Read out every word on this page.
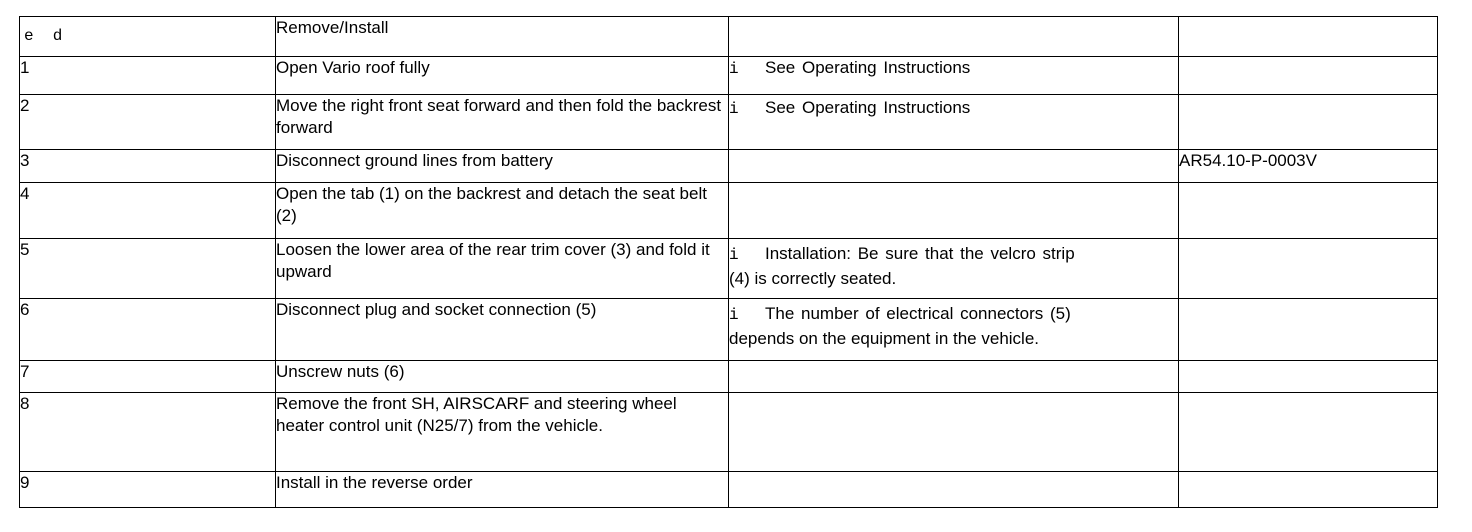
e  d	Remove/Install		
1	Open Vario roof fully	i See Operating Instructions	
2	Move the right front seat forward and then fold the backrest forward	i See Operating Instructions	
3	Disconnect ground lines from battery		AR54.10-P-0003V
4	Open the tab (1) on the backrest and detach the seat belt (2)		
5	Loosen the lower area of the rear trim cover (3) and fold it upward	i Installation: Be sure that the velcro strip
(4) is correctly seated.	

6	Disconnect plug and socket connection (5)	i The number of electrical connectors (5)
depends on the equipment in the vehicle.	

7	Unscrew nuts (6)		
8	Remove the front SH, AIRSCARF and steering wheel heater control unit (N25/7) from the vehicle.		
9	Install in the reverse order		
